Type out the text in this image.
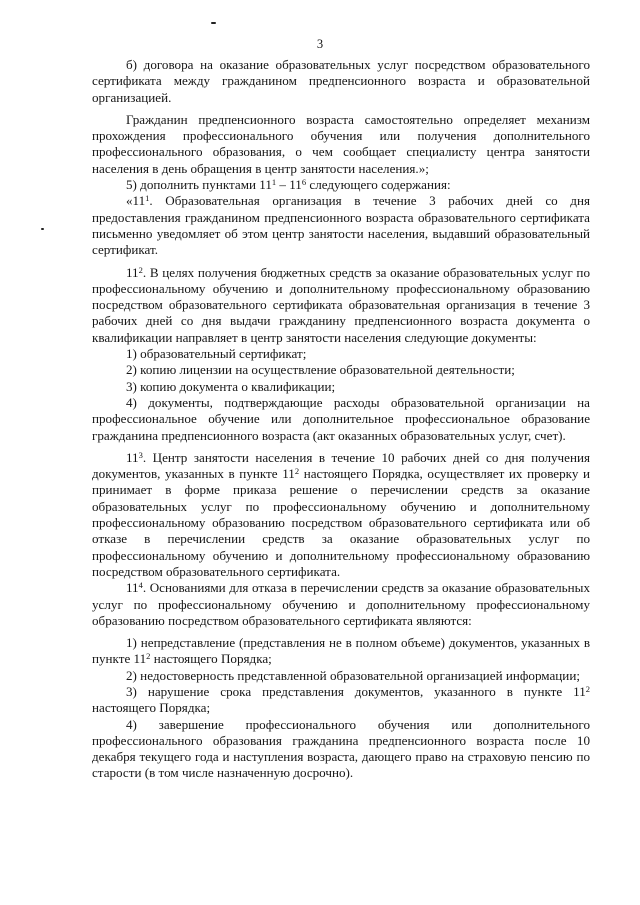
3

б) договора на оказание образовательных услуг посредством образовательного сертификата между гражданином предпенсионного возраста и образовательной организацией.

Гражданин предпенсионного возраста самостоятельно определяет механизм прохождения профессионального обучения или получения дополнительного профессионального образования, о чем сообщает специалисту центра занятости населения в день обращения в центр занятости населения.»;

5) дополнить пунктами $11^1 - 11^6$ следующего содержания:

«$11^1$. Образовательная организация в течение 3 рабочих дней со дня предоставления гражданином предпенсионного возраста образовательного сертификата письменно уведомляет об этом центр занятости населения, выдавший образовательный сертификат.

$11^2$. В целях получения бюджетных средств за оказание образовательных услуг по профессиональному обучению и дополнительному профессиональному образованию посредством образовательного сертификата образовательная организация в течение 3 рабочих дней со дня выдачи гражданину предпенсионного возраста документа о квалификации направляет в центр занятости населения следующие документы:

1) образовательный сертификат;

2) копию лицензии на осуществление образовательной деятельности;

3) копию документа о квалификации;

4) документы, подтверждающие расходы образовательной организации на профессиональное обучение или дополнительное профессиональное образование гражданина предпенсионного возраста (акт оказанных образовательных услуг, счет).

$11^3$. Центр занятости населения в течение 10 рабочих дней со дня получения документов, указанных в пункте $11^2$ настоящего Порядка, осуществляет их проверку и принимает в форме приказа решение о перечислении средств за оказание образовательных услуг по профессиональному обучению и дополнительному профессиональному образованию посредством образовательного сертификата или об отказе в перечислении средств за оказание образовательных услуг по профессиональному обучению и дополнительному профессиональному образованию посредством образовательного сертификата.

$11^4$. Основаниями для отказа в перечислении средств за оказание образовательных услуг по профессиональному обучению и дополнительному профессиональному образованию посредством образовательного сертификата являются:

1) непредставление (представления не в полном объеме) документов, указанных в пункте $11^2$ настоящего Порядка;

2) недостоверность представленной образовательной организацией информации;

3) нарушение срока представления документов, указанного в пункте $11^2$ настоящего Порядка;

4) завершение профессионального обучения или дополнительного профессионального образования гражданина предпенсионного возраста после 10 декабря текущего года и наступления возраста, дающего право на страховую пенсию по старости (в том числе назначенную досрочно).
